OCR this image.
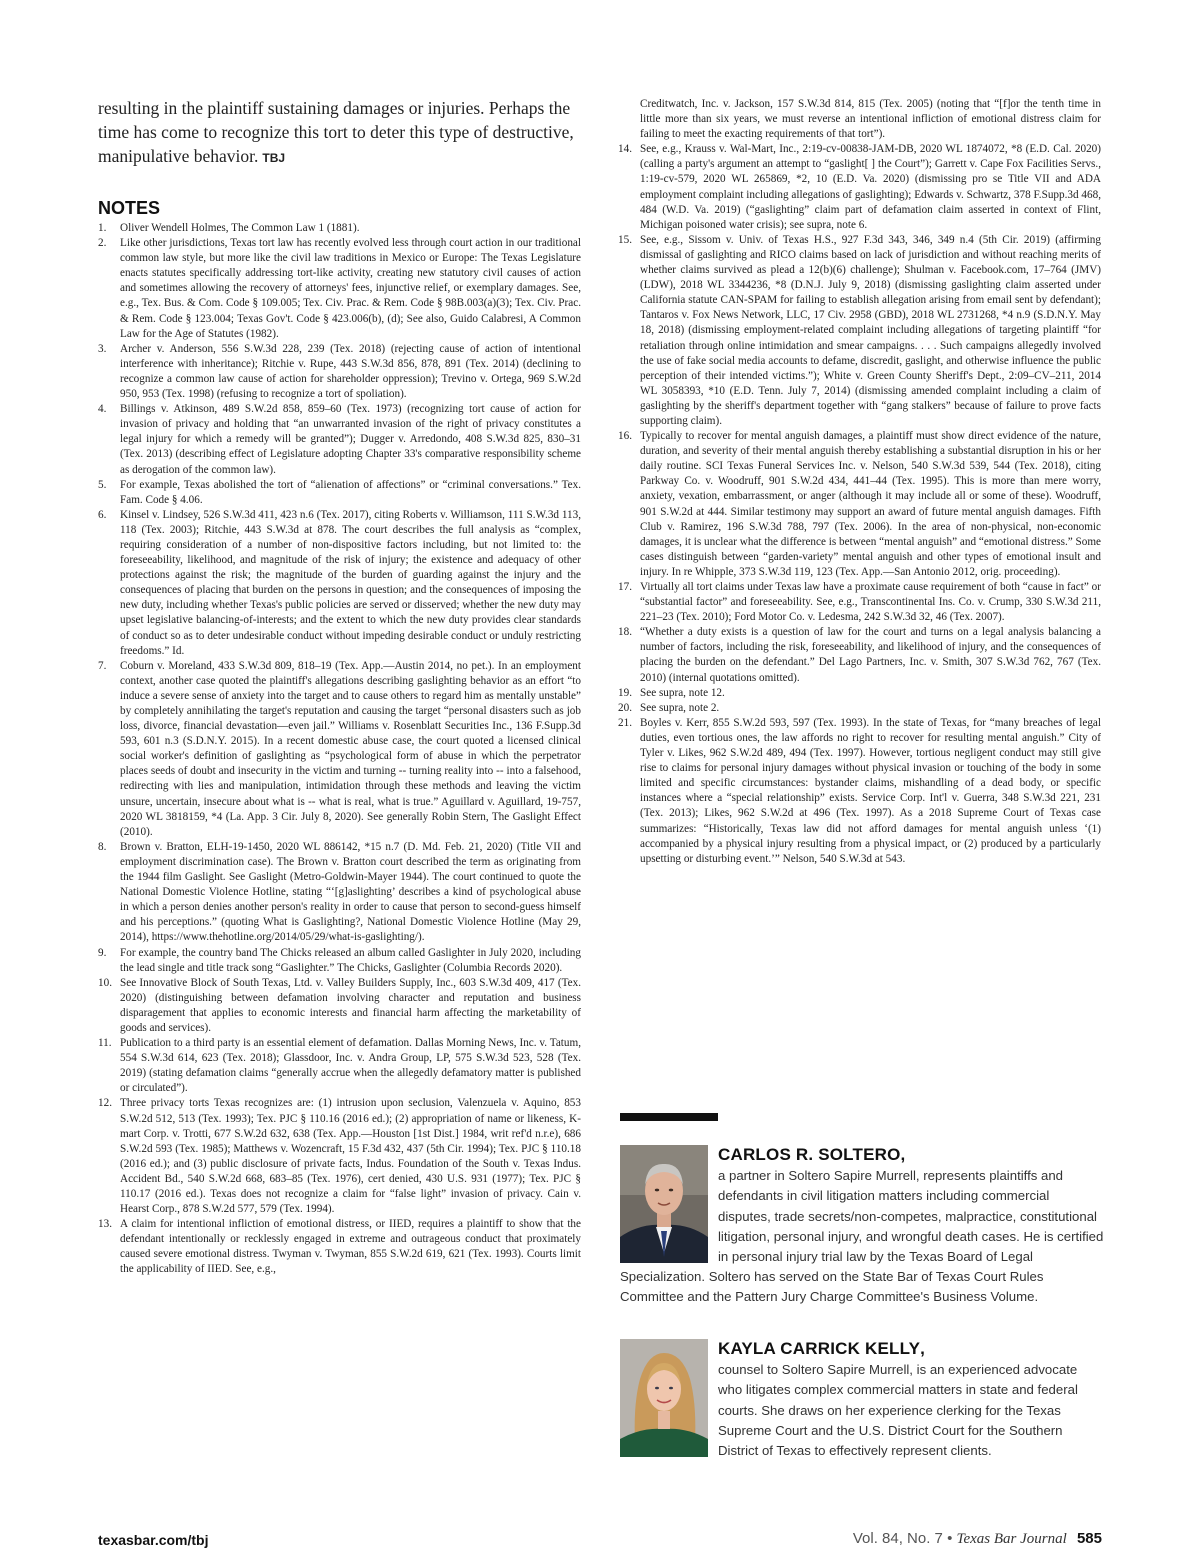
resulting in the plaintiff sustaining damages or injuries. Perhaps the time has come to recognize this tort to deter this type of destructive, manipulative behavior. TBJ

NOTES
1. Oliver Wendell Holmes, The Common Law 1 (1881).
2. Like other jurisdictions, Texas tort law has recently evolved less through court action in our traditional common law style, but more like the civil law traditions in Mexico or Europe: The Texas Legislature enacts statutes specifically addressing tort-like activity, creating new statutory civil causes of action and sometimes allowing the recovery of attorneys' fees, injunctive relief, or exemplary damages. See, e.g., Tex. Bus. & Com. Code § 109.005; Tex. Civ. Prac. & Rem. Code § 98B.003(a)(3); Tex. Civ. Prac. & Rem. Code § 123.004; Texas Gov't. Code § 423.006(b), (d); See also, Guido Calabresi, A Common Law for the Age of Statutes (1982).
3. Archer v. Anderson, 556 S.W.3d 228, 239 (Tex. 2018) (rejecting cause of action of intentional interference with inheritance); Ritchie v. Rupe, 443 S.W.3d 856, 878, 891 (Tex. 2014) (declining to recognize a common law cause of action for shareholder oppression); Trevino v. Ortega, 969 S.W.2d 950, 953 (Tex. 1998) (refusing to recognize a tort of spoliation).
4. Billings v. Atkinson, 489 S.W.2d 858, 859–60 (Tex. 1973) (recognizing tort cause of action for invasion of privacy and holding that “an unwarranted invasion of the right of privacy constitutes a legal injury for which a remedy will be granted”); Dugger v. Arredondo, 408 S.W.3d 825, 830–31 (Tex. 2013) (describing effect of Legislature adopting Chapter 33's comparative responsibility scheme as derogation of the common law).
5. For example, Texas abolished the tort of “alienation of affections” or “criminal conversations.” Tex. Fam. Code § 4.06.
6. Kinsel v. Lindsey, 526 S.W.3d 411, 423 n.6 (Tex. 2017), citing Roberts v. Williamson, 111 S.W.3d 113, 118 (Tex. 2003); Ritchie, 443 S.W.3d at 878. The court describes the full analysis as “complex, requiring consideration of a number of non-dispositive factors including, but not limited to: the foreseeability, likelihood, and magnitude of the risk of injury; the existence and adequacy of other protections against the risk; the magnitude of the burden of guarding against the injury and the consequences of placing that burden on the persons in question; and the consequences of imposing the new duty, including whether Texas's public policies are served or disserved; whether the new duty may upset legislative balancing-of-interests; and the extent to which the new duty provides clear standards of conduct so as to deter undesirable conduct without impeding desirable conduct or unduly restricting freedoms.” Id.
7. Coburn v. Moreland, 433 S.W.3d 809, 818–19 (Tex. App.—Austin 2014, no pet.). In an employment context, another case quoted the plaintiff's allegations describing gaslighting behavior as an effort “to induce a severe sense of anxiety into the target and to cause others to regard him as mentally unstable” by completely annihilating the target's reputation and causing the target “personal disasters such as job loss, divorce, financial devastation—even jail.” Williams v. Rosenblatt Securities Inc., 136 F.Supp.3d 593, 601 n.3 (S.D.N.Y. 2015). In a recent domestic abuse case, the court quoted a licensed clinical social worker's definition of gaslighting as “psychological form of abuse in which the perpetrator places seeds of doubt and insecurity in the victim and turning -- turning reality into -- into a falsehood, redirecting with lies and manipulation, intimidation through these methods and leaving the victim unsure, uncertain, insecure about what is -- what is real, what is true.” Aguillard v. Aguillard, 19-757, 2020 WL 3818159, *4 (La. App. 3 Cir. July 8, 2020). See generally Robin Stern, The Gaslight Effect (2010).
8. Brown v. Bratton, ELH-19-1450, 2020 WL 886142, *15 n.7 (D. Md. Feb. 21, 2020) (Title VII and employment discrimination case). The Brown v. Bratton court described the term as originating from the 1944 film Gaslight. See Gaslight (Metro-Goldwin-Mayer 1944). The court continued to quote the National Domestic Violence Hotline, stating “‘[g]aslighting’ describes a kind of psychological abuse in which a person denies another person's reality in order to cause that person to second-guess himself and his perceptions.” (quoting What is Gaslighting?, National Domestic Violence Hotline (May 29, 2014), https://www.thehotline.org/2014/05/29/what-is-gaslighting/).
9. For example, the country band The Chicks released an album called Gaslighter in July 2020, including the lead single and title track song “Gaslighter.” The Chicks, Gaslighter (Columbia Records 2020).
10. See Innovative Block of South Texas, Ltd. v. Valley Builders Supply, Inc., 603 S.W.3d 409, 417 (Tex. 2020) (distinguishing between defamation involving character and reputation and business disparagement that applies to economic interests and financial harm affecting the marketability of goods and services).
11. Publication to a third party is an essential element of defamation. Dallas Morning News, Inc. v. Tatum, 554 S.W.3d 614, 623 (Tex. 2018); Glassdoor, Inc. v. Andra Group, LP, 575 S.W.3d 523, 528 (Tex. 2019) (stating defamation claims “generally accrue when the allegedly defamatory matter is published or circulated”).
12. Three privacy torts Texas recognizes are: (1) intrusion upon seclusion, Valenzuela v. Aquino, 853 S.W.2d 512, 513 (Tex. 1993); Tex. PJC § 110.16 (2016 ed.); (2) appropriation of name or likeness, K-mart Corp. v. Trotti, 677 S.W.2d 632, 638 (Tex. App.—Houston [1st Dist.] 1984, writ ref'd n.r.e), 686 S.W.2d 593 (Tex. 1985); Matthews v. Wozencraft, 15 F.3d 432, 437 (5th Cir. 1994); Tex. PJC § 110.18 (2016 ed.); and (3) public disclosure of private facts, Indus. Foundation of the South v. Texas Indus. Accident Bd., 540 S.W.2d 668, 683–85 (Tex. 1976), cert denied, 430 U.S. 931 (1977); Tex. PJC § 110.17 (2016 ed.). Texas does not recognize a claim for “false light” invasion of privacy. Cain v. Hearst Corp., 878 S.W.2d 577, 579 (Tex. 1994).
13. A claim for intentional infliction of emotional distress, or IIED, requires a plaintiff to show that the defendant intentionally or recklessly engaged in extreme and outrageous conduct that proximately caused severe emotional distress. Twyman v. Twyman, 855 S.W.2d 619, 621 (Tex. 1993). Courts limit the applicability of IIED. See, e.g.,
Creditwatch, Inc. v. Jackson, 157 S.W.3d 814, 815 (Tex. 2005) (noting that “[f]or the tenth time in little more than six years, we must reverse an intentional infliction of emotional distress claim for failing to meet the exacting requirements of that tort”).
14. See, e.g., Krauss v. Wal-Mart, Inc., 2:19-cv-00838-JAM-DB, 2020 WL 1874072, *8 (E.D. Cal. 2020) (calling a party's argument an attempt to “gaslight[ ] the Court”); Garrett v. Cape Fox Facilities Servs., 1:19-cv-579, 2020 WL 265869, *2, 10 (E.D. Va. 2020) (dismissing pro se Title VII and ADA employment complaint including allegations of gaslighting); Edwards v. Schwartz, 378 F.Supp.3d 468, 484 (W.D. Va. 2019) (“gaslighting” claim part of defamation claim asserted in context of Flint, Michigan poisoned water crisis); see supra, note 6.
15. See, e.g., Sissom v. Univ. of Texas H.S., 927 F.3d 343, 346, 349 n.4 (5th Cir. 2019) (affirming dismissal of gaslighting and RICO claims based on lack of jurisdiction and without reaching merits of whether claims survived as plead a 12(b)(6) challenge); Shulman v. Facebook.com, 17–764 (JMV) (LDW), 2018 WL 3344236, *8 (D.N.J. July 9, 2018) (dismissing gaslighting claim asserted under California statute CAN-SPAM for failing to establish allegation arising from email sent by defendant); Tantaros v. Fox News Network, LLC, 17 Civ. 2958 (GBD), 2018 WL 2731268, *4 n.9 (S.D.N.Y. May 18, 2018) (dismissing employment-related complaint including allegations of targeting plaintiff “for retaliation through online intimidation and smear campaigns. . . . Such campaigns allegedly involved the use of fake social media accounts to defame, discredit, gaslight, and otherwise influence the public perception of their intended victims.”); White v. Green County Sheriff's Dept., 2:09–CV–211, 2014 WL 3058393, *10 (E.D. Tenn. July 7, 2014) (dismissing amended complaint including a claim of gaslighting by the sheriff's department together with “gang stalkers” because of failure to prove facts supporting claim).
16. Typically to recover for mental anguish damages, a plaintiff must show direct evidence of the nature, duration, and severity of their mental anguish thereby establishing a substantial disruption in his or her daily routine. SCI Texas Funeral Services Inc. v. Nelson, 540 S.W.3d 539, 544 (Tex. 2018), citing Parkway Co. v. Woodruff, 901 S.W.2d 434, 441–44 (Tex. 1995). This is more than mere worry, anxiety, vexation, embarrassment, or anger (although it may include all or some of these). Woodruff, 901 S.W.2d at 444. Similar testimony may support an award of future mental anguish damages. Fifth Club v. Ramirez, 196 S.W.3d 788, 797 (Tex. 2006). In the area of non-physical, non-economic damages, it is unclear what the difference is between “mental anguish” and “emotional distress.” Some cases distinguish between “garden-variety” mental anguish and other types of emotional insult and injury. In re Whipple, 373 S.W.3d 119, 123 (Tex. App.—San Antonio 2012, orig. proceeding).
17. Virtually all tort claims under Texas law have a proximate cause requirement of both “cause in fact” or “substantial factor” and foreseeability. See, e.g., Transcontinental Ins. Co. v. Crump, 330 S.W.3d 211, 221–23 (Tex. 2010); Ford Motor Co. v. Ledesma, 242 S.W.3d 32, 46 (Tex. 2007).
18. “Whether a duty exists is a question of law for the court and turns on a legal analysis balancing a number of factors, including the risk, foreseeability, and likelihood of injury, and the consequences of placing the burden on the defendant.” Del Lago Partners, Inc. v. Smith, 307 S.W.3d 762, 767 (Tex. 2010) (internal quotations omitted).
19. See supra, note 12.
20. See supra, note 2.
21. Boyles v. Kerr, 855 S.W.2d 593, 597 (Tex. 1993). In the state of Texas, for “many breaches of legal duties, even tortious ones, the law affords no right to recover for resulting mental anguish.” City of Tyler v. Likes, 962 S.W.2d 489, 494 (Tex. 1997). However, tortious negligent conduct may still give rise to claims for personal injury damages without physical invasion or touching of the body in some limited and specific circumstances: bystander claims, mishandling of a dead body, or specific instances where a “special relationship” exists. Service Corp. Int'l v. Guerra, 348 S.W.3d 221, 231 (Tex. 2013); Likes, 962 S.W.2d at 496 (Tex. 1997). As a 2018 Supreme Court of Texas case summarizes: “Historically, Texas law did not afford damages for mental anguish unless ‘(1) accompanied by a physical injury resulting from a physical impact, or (2) produced by a particularly upsetting or disturbing event.’” Nelson, 540 S.W.3d at 543.
CARLOS R. SOLTERO,
a partner in Soltero Sapire Murrell, represents plaintiffs and defendants in civil litigation matters including commercial disputes, trade secrets/non-competes, malpractice, constitutional litigation, personal injury, and wrongful death cases. He is certified in personal injury trial law by the Texas Board of Legal Specialization. Soltero has served on the State Bar of Texas Court Rules Committee and the Pattern Jury Charge Committee's Business Volume.
KAYLA CARRICK KELLY,
counsel to Soltero Sapire Murrell, is an experienced advocate who litigates complex commercial matters in state and federal courts. She draws on her experience clerking for the Texas Supreme Court and the U.S. District Court for the Southern District of Texas to effectively represent clients.
texasbar.com/tbj	Vol. 84, No. 7 • Texas Bar Journal 585
